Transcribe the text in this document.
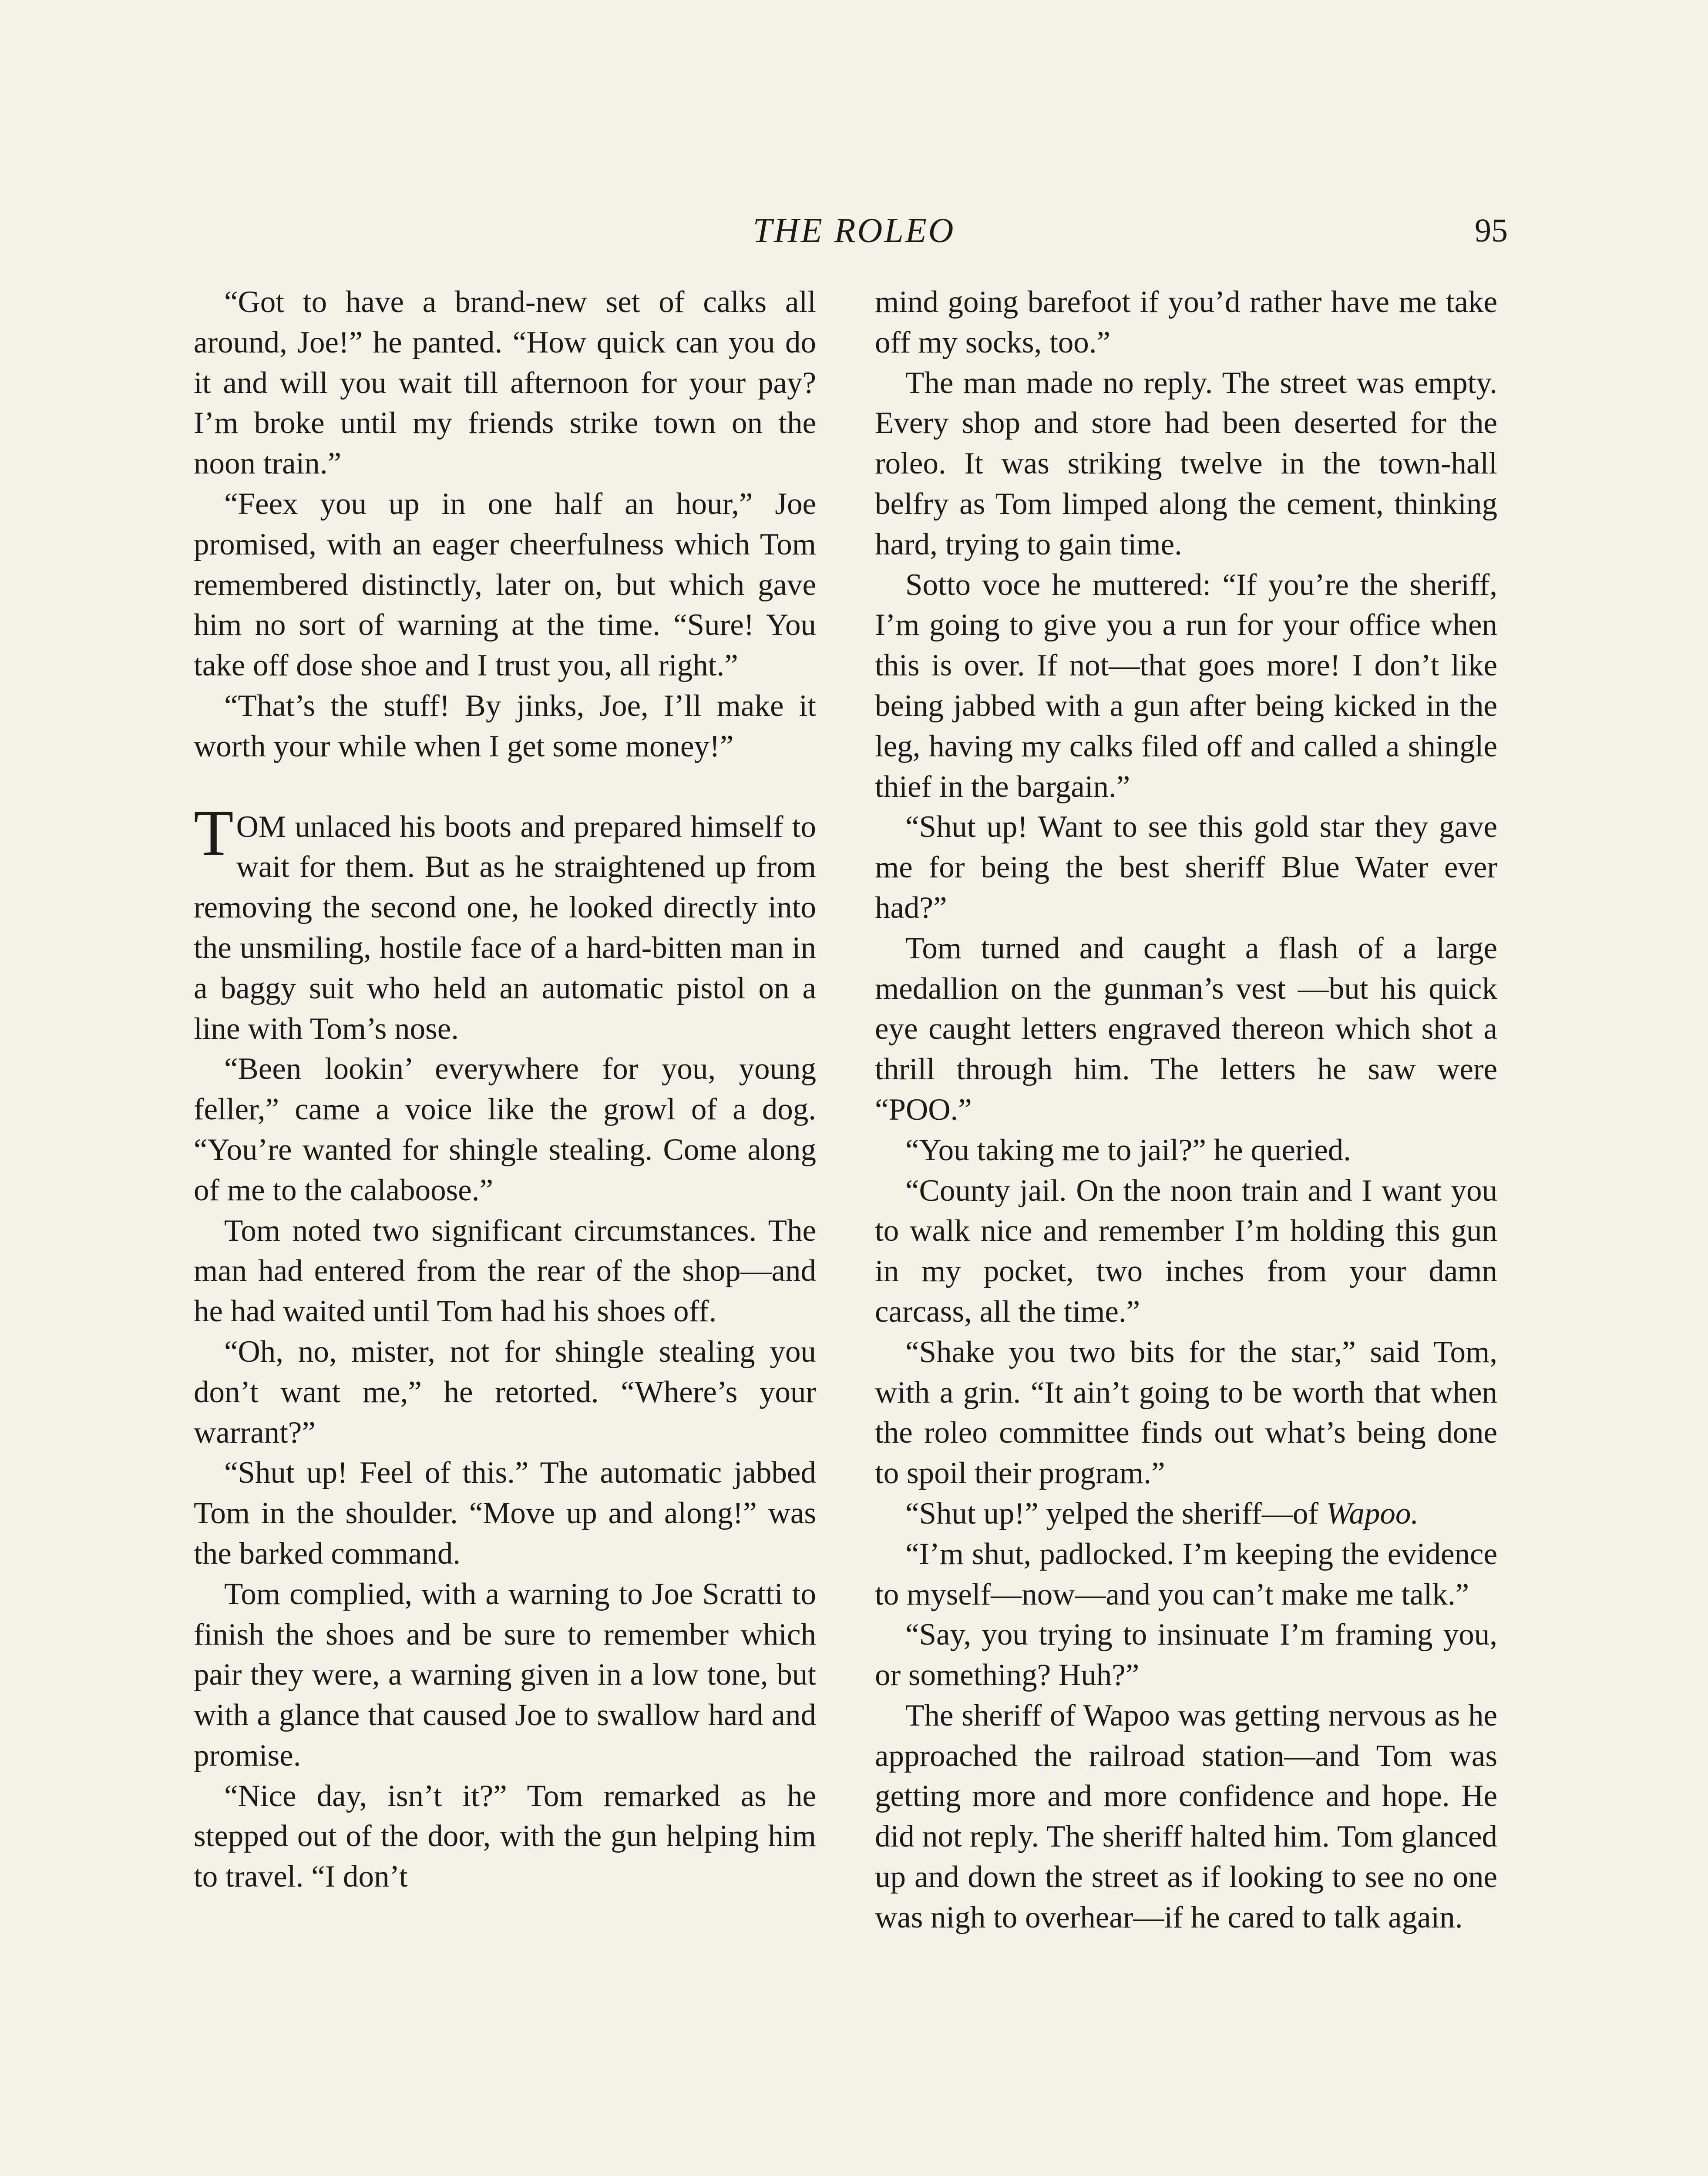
THE ROLEO	95

“Got to have a brand-new set of calks all around, Joe!” he panted. “How quick can you do it and will you wait till afternoon for your pay? I’m broke until my friends strike town on the noon train.”

“Feex you up in one half an hour,” Joe promised, with an eager cheerfulness which Tom remembered distinctly, later on, but which gave him no sort of warning at the time. “Sure! You take off dose shoe and I trust you, all right.”

“That’s the stuff! By jinks, Joe, I’ll make it worth your while when I get some money!”

TOM unlaced his boots and prepared himself to wait for them. But as he straightened up from removing the second one, he looked directly into the unsmiling, hostile face of a hard-bitten man in a baggy suit who held an automatic pistol on a line with Tom’s nose.

“Been lookin’ everywhere for you, young feller,” came a voice like the growl of a dog. “You’re wanted for shingle stealing. Come along of me to the calaboose.”

Tom noted two significant circumstances. The man had entered from the rear of the shop—and he had waited until Tom had his shoes off.

“Oh, no, mister, not for shingle stealing you don’t want me,” he retorted. “Where’s your warrant?”

“Shut up! Feel of this.” The automatic jabbed Tom in the shoulder. “Move up and along!” was the barked command.

Tom complied, with a warning to Joe Scratti to finish the shoes and be sure to remember which pair they were, a warning given in a low tone, but with a glance that caused Joe to swallow hard and promise.

“Nice day, isn’t it?” Tom remarked as he stepped out of the door, with the gun helping him to travel. “I don’t

mind going barefoot if you’d rather have me take off my socks, too.”

The man made no reply. The street was empty. Every shop and store had been deserted for the roleo. It was striking twelve in the town-hall belfry as Tom limped along the cement, thinking hard, trying to gain time.

Sotto voce he muttered: “If you’re the sheriff, I’m going to give you a run for your office when this is over. If not—that goes more! I don’t like being jabbed with a gun after being kicked in the leg, having my calks filed off and called a shingle thief in the bargain.”

“Shut up! Want to see this gold star they gave me for being the best sheriff Blue Water ever had?”

Tom turned and caught a flash of a large medallion on the gunman’s vest —but his quick eye caught letters engraved thereon which shot a thrill through him. The letters he saw were “POO.”

“You taking me to jail?” he queried.

“County jail. On the noon train and I want you to walk nice and remember I’m holding this gun in my pocket, two inches from your damn carcass, all the time.”

“Shake you two bits for the star,” said Tom, with a grin. “It ain’t going to be worth that when the roleo committee finds out what’s being done to spoil their program.”

“Shut up!” yelped the sheriff—of Wapoo.

“I’m shut, padlocked. I’m keeping the evidence to myself—now—and you can’t make me talk.”

“Say, you trying to insinuate I’m framing you, or something? Huh?”

The sheriff of Wapoo was getting nervous as he approached the railroad station—and Tom was getting more and more confidence and hope. He did not reply. The sheriff halted him. Tom glanced up and down the street as if looking to see no one was nigh to overhear—if he cared to talk again.
